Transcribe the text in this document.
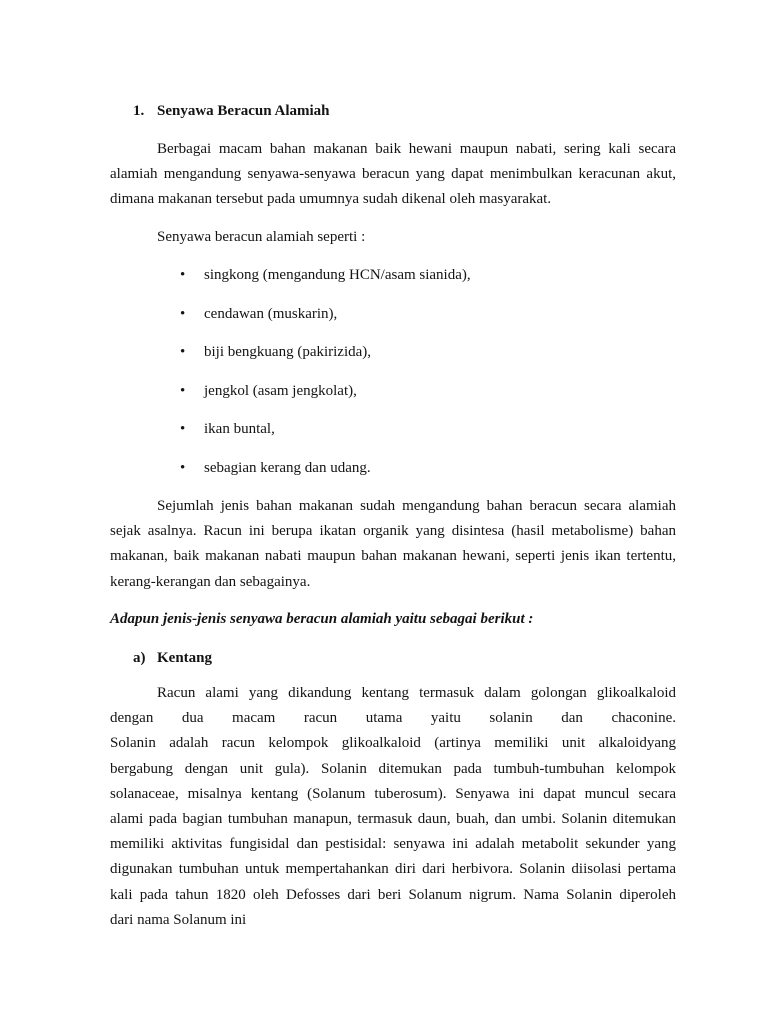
1. Senyawa Beracun Alamiah
Berbagai macam bahan makanan baik hewani maupun nabati, sering kali secara
alamiah mengandung senyawa-senyawa beracun yang dapat menimbulkan keracunan akut,
dimana makanan tersebut pada umumnya sudah dikenal oleh masyarakat.
Senyawa beracun alamiah seperti :
• singkong (mengandung HCN/asam sianida),
• cendawan (muskarin),
• biji bengkuang (pakirizida),
• jengkol (asam jengkolat),
• ikan buntal,
• sebagian kerang dan udang.
Sejumlah jenis bahan makanan sudah mengandung bahan beracun secara alamiah
sejak asalnya. Racun ini berupa ikatan organik yang disintesa (hasil metabolisme) bahan
makanan, baik makanan nabati maupun bahan makanan hewani, seperti jenis ikan tertentu,
kerang-kerangan dan sebagainya.
Adapun jenis-jenis senyawa beracun alamiah yaitu sebagai berikut :
a) Kentang
Racun alami yang dikandung kentang termasuk dalam golongan glikoalkaloid
dengan dua macam racun utama yaitu solanin dan chaconine.
Solanin adalah racun kelompok glikoalkaloid (artinya memiliki unit alkaloidyang
bergabung dengan unit gula). Solanin ditemukan pada tumbuh-tumbuhan kelompok
solanaceae, misalnya kentang (Solanum tuberosum). Senyawa ini dapat muncul secara
alami pada bagian tumbuhan manapun, termasuk daun, buah, dan umbi. Solanin ditemukan
memiliki aktivitas fungisidal dan pestisidal: senyawa ini adalah metabolit sekunder yang
digunakan tumbuhan untuk mempertahankan diri dari herbivora. Solanin diisolasi pertama
kali pada tahun 1820 oleh Defosses dari beri Solanum nigrum. Nama Solanin diperoleh
dari nama Solanum ini
